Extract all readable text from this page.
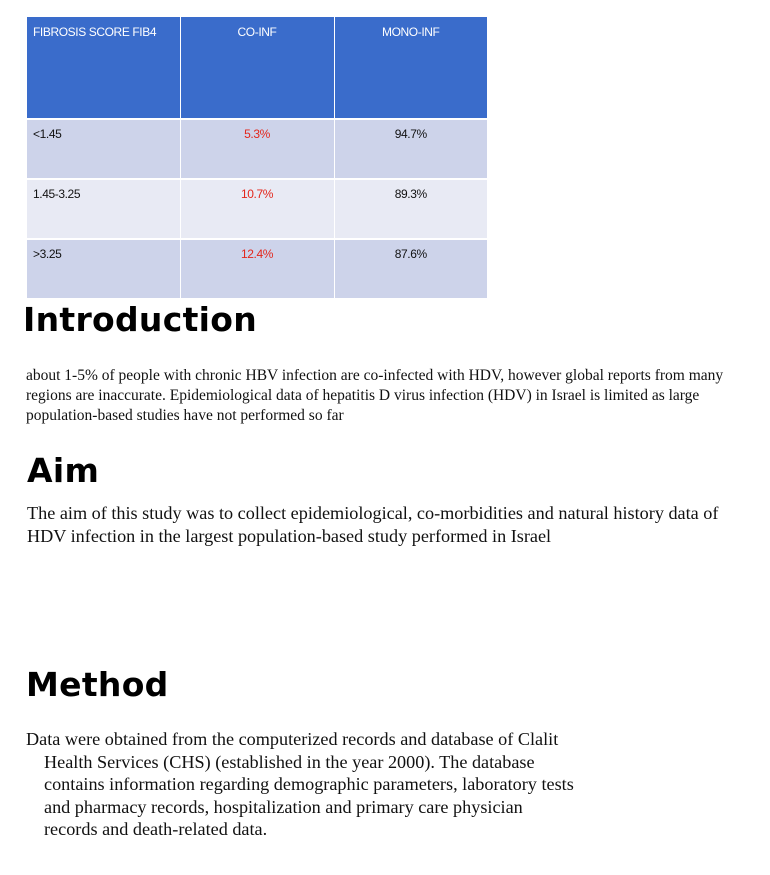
FIBROSIS SCORE FIB4	CO-INF	MONO-INF
<1.45	5.3%	94.7%
1.45-3.25	10.7%	89.3%
>3.25	12.4%	87.6%
Introduction

about 1-5% of people with chronic HBV infection are co-infected with HDV, however global reports from many regions are inaccurate. Epidemiological data of hepatitis D virus infection (HDV) in Israel is limited as large population-based studies have not performed so far

Aim

The aim of this study was to collect epidemiological, co-morbidities and natural history data of HDV infection in the largest population-based study performed in Israel

Method

Data were obtained from the computerized records and database of Clalit Health Services (CHS) (established in the year 2000). The database contains information regarding demographic parameters, laboratory tests and pharmacy records, hospitalization and primary care physician records and death-related data.
